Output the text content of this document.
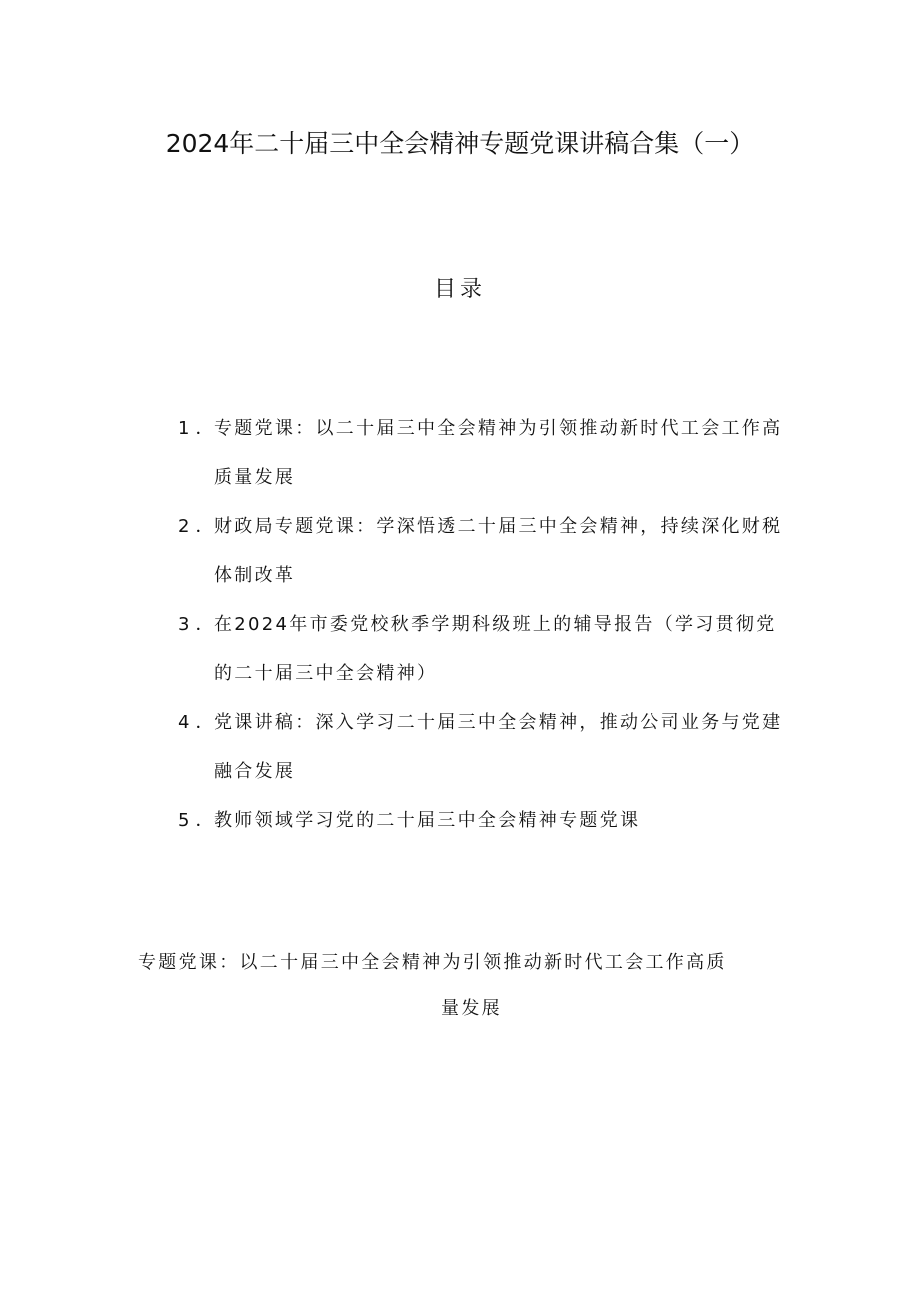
2024年二十届三中全会精神专题党课讲稿合集（一）
目录
1．
专题党课：以二十届三中全会精神为引领推动新时代工会工作高质量发展
2．
财政局专题党课：学深悟透二十届三中全会精神，持续深化财税体制改革
3．
在2024年市委党校秋季学期科级班上的辅导报告（学习贯彻党的二十届三中全会精神）
4．
党课讲稿：深入学习二十届三中全会精神，推动公司业务与党建融合发展
5．
教师领域学习党的二十届三中全会精神专题党课
专题党课：以二十届三中全会精神为引领推动新时代工会工作高质
量发展
